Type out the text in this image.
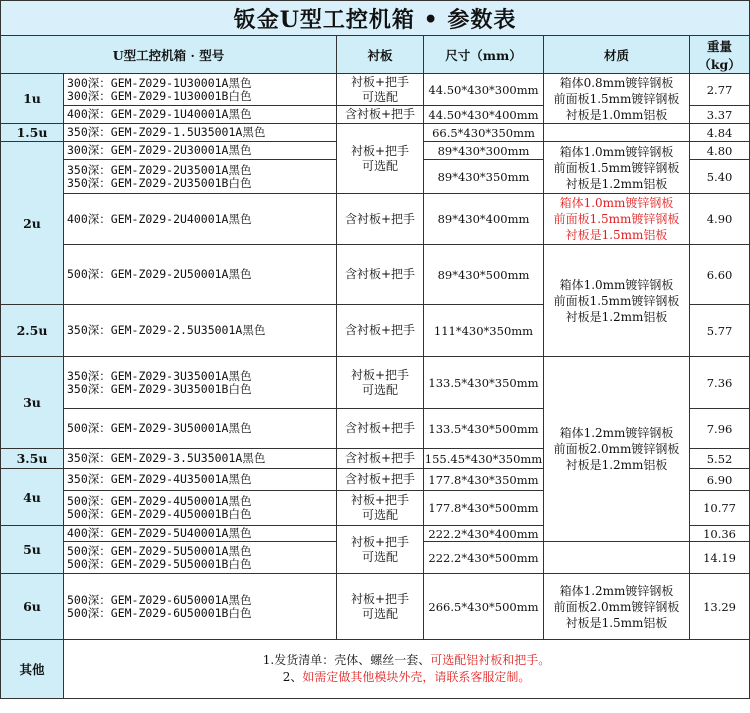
钣金U型工控机箱 • 参数表					
U型工控机箱 · 型号		衬板	尺寸（mm）	材质	重量
（kg）

1u	300深：GEM-Z029-1U30001A黑色
300深：GEM-Z029-1U30001B白色	衬板+把手
可选配	44.50*430*300mm	箱体0.8mm镀锌钢板
前面板1.5mm镀锌钢板
衬板是1.0mm铝板	2.77
	400深：GEM-Z029-1U40001A黑色	含衬板+把手	44.50*430*400mm		3.37
1.5u	350深：GEM-Z029-1.5U35001A黑色	衬板+把手
可选配	66.5*430*350mm		4.84
2u	300深：GEM-Z029-2U30001A黑色		89*430*300mm	箱体1.0mm镀锌钢板
前面板1.5mm镀锌钢板
衬板是1.2mm铝板	4.80

	350深：GEM-Z029-2U35001A黑色
350深：GEM-Z029-2U35001B白色		89*430*350mm		5.40
	400深：GEM-Z029-2U40001A黑色	含衬板+把手	89*430*400mm	箱体1.0mm镀锌钢板
前面板1.5mm镀锌钢板
衬板是1.5mm铝板	4.90
	500深：GEM-Z029-2U50001A黑色	含衬板+把手	89*430*500mm	箱体1.0mm镀锌钢板
前面板1.5mm镀锌钢板
衬板是1.2mm铝板	6.60
2.5u	350深：GEM-Z029-2.5U35001A黑色	含衬板+把手	111*430*350mm		5.77
3u	350深：GEM-Z029-3U35001A黑色
350深：GEM-Z029-3U35001B白色	衬板+把手
可选配	133.5*430*350mm	箱体1.2mm镀锌钢板
前面板2.0mm镀锌钢板
衬板是1.2mm铝板	7.36
	500深：GEM-Z029-3U50001A黑色	含衬板+把手	133.5*430*500mm		7.96
3.5u	350深：GEM-Z029-3.5U35001A黑色	含衬板+把手	155.45*430*350mm		5.52
4u	350深：GEM-Z029-4U35001A黑色	含衬板+把手	177.8*430*350mm		6.90

	500深：GEM-Z029-4U50001A黑色
500深：GEM-Z029-4U50001B白色	衬板+把手
可选配	177.8*430*500mm		10.77
5u	400深：GEM-Z029-5U40001A黑色	衬板+把手
可选配	222.2*430*400mm		10.36

	500深：GEM-Z029-5U50001A黑色
500深：GEM-Z029-5U50001B白色		222.2*430*500mm		14.19
6u	500深：GEM-Z029-6U50001A黑色
500深：GEM-Z029-6U50001B白色	衬板+把手
可选配	266.5*430*500mm	箱体1.2mm镀锌钢板
前面板2.0mm镀锌钢板
衬板是1.5mm铝板	13.29
其他	1.发货清单：壳体、螺丝一套、可选配铝衬板和把手。
2、如需定做其他模块外壳，请联系客服定制。				
